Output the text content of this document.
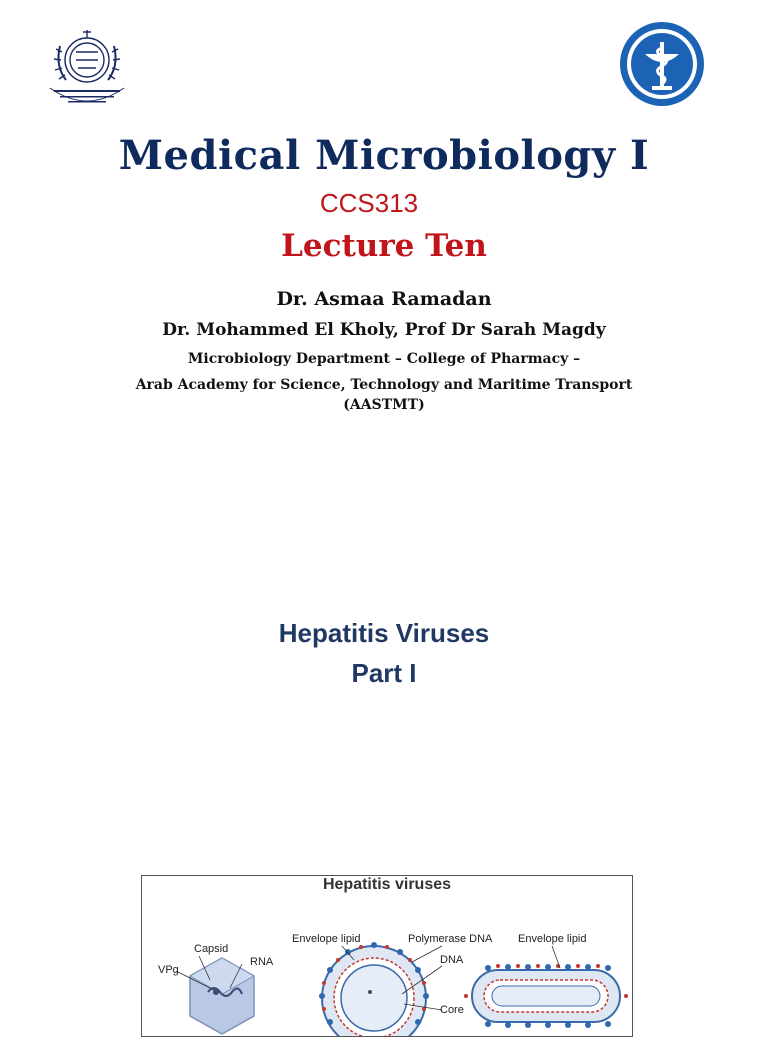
Medical Microbiology I
CCS313
Lecture Ten
Dr. Asmaa Ramadan
Dr. Mohammed El Kholy, Prof Dr Sarah Magdy
Microbiology Department – College of Pharmacy –
Arab Academy for Science, Technology and Maritime Transport
(AASTMT)
Hepatitis Viruses
Part I
Hepatitis viruses
Capsid
RNA
VPg
Envelope lipid	Polymerase DNA
DNA
Core
Envelope lipid
